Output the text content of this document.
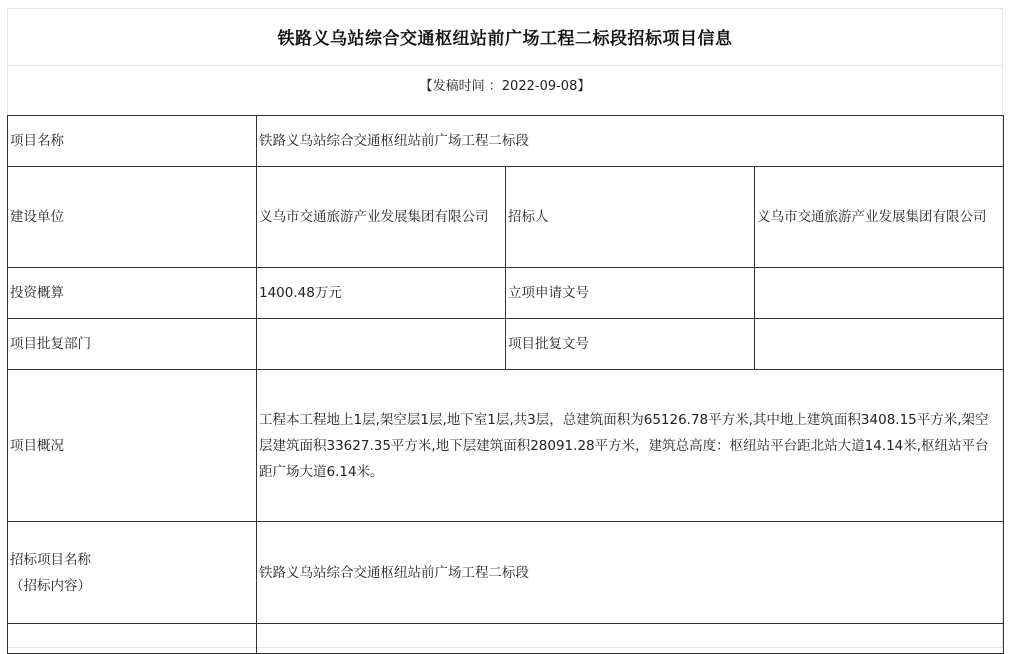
铁路义乌站综合交通枢纽站前广场工程二标段招标项目信息
【发稿时间 ：2022-09-08】
项目名称	铁路义乌站综合交通枢纽站前广场工程二标段		
建设单位	义乌市交通旅游产业发展集团有限公司	招标人	义乌市交通旅游产业发展集团有限公司
投资概算	1400.48万元	立项申请文号	
项目批复部门		项目批复文号	
项目概况	工程本工程地上1层,架空层1层,地下室1层,共3层，总建筑面积为65126.78平方米,其中地上建筑面积3408.15平方米,架空层建筑面积33627.35平方米,地下层建筑面积28091.28平方米，建筑总高度：枢纽站平台距北站大道14.14米,枢纽站平台距广场大道6.14米。		

招标项目名称
（招标内容）	铁路义乌站综合交通枢纽站前广场工程二标段		
